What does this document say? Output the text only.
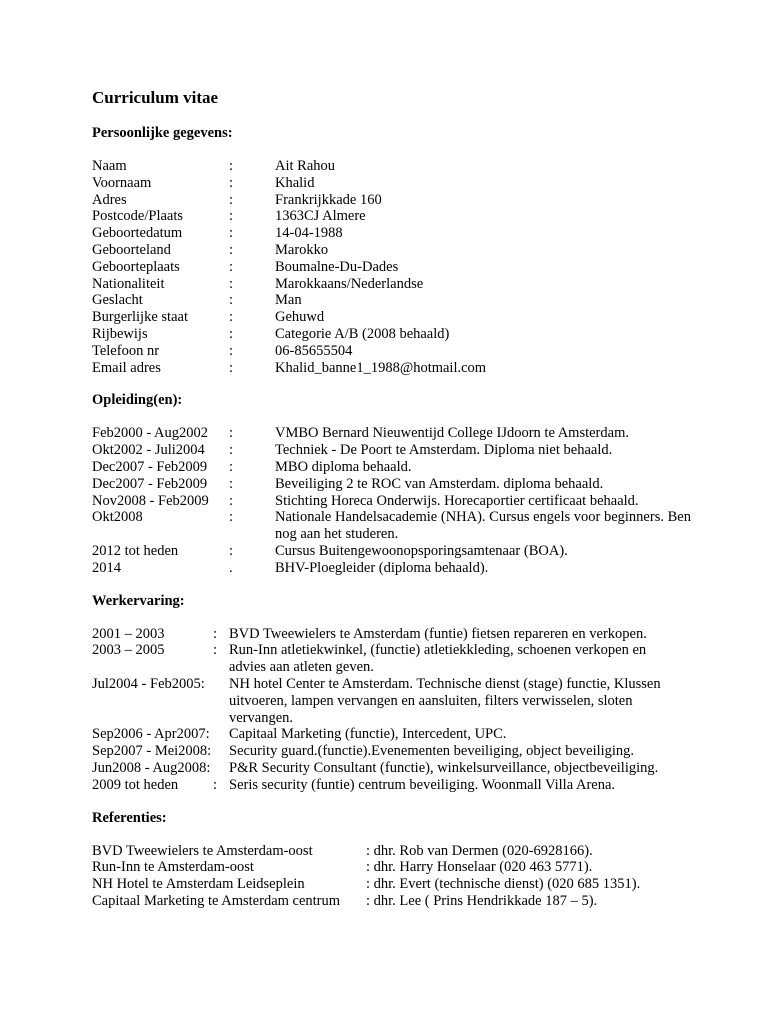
Curriculum vitae
Persoonlijke gegevens:
Naam	:	Ait Rahou
Voornaam	:	Khalid
Adres	:	Frankrijkkade 160
Postcode/Plaats	:	1363CJ Almere
Geboortedatum	:	14-04-1988
Geboorteland	:	Marokko
Geboorteplaats	:	Boumalne-Du-Dades
Nationaliteit	:	Marokkaans/Nederlandse
Geslacht	:	Man
Burgerlijke staat	:	Gehuwd
Rijbewijs	:	Categorie A/B (2008 behaald)
Telefoon nr	:	06-85655504
Email adres	:	Khalid_banne1_1988@hotmail.com
Opleiding(en):
Feb2000 - Aug2002	:	VMBO Bernard Nieuwentijd College IJdoorn te Amsterdam.
Okt2002 - Juli2004	:	Techniek - De Poort te Amsterdam. Diploma niet behaald.
Dec2007 - Feb2009	:	MBO diploma behaald.
Dec2007 - Feb2009	:	Beveiliging 2 te ROC van Amsterdam. diploma behaald.
Nov2008 - Feb2009	:	Stichting Horeca Onderwijs. Horecaportier certificaat behaald.
Okt2008	:	Nationale Handelsacademie (NHA). Cursus engels voor beginners. Ben nog aan het studeren.
2012 tot heden	:	Cursus Buitengewoonopsporingsamtenaar (BOA).
2014	.	BHV-Ploegleider (diploma behaald).
Werkervaring:
2001 – 2003	: BVD Tweewielers te Amsterdam (funtie) fietsen repareren en verkopen.
2003 – 2005	: Run-Inn atletiekwinkel, (functie) atletiekkleding, schoenen verkopen en advies aan atleten geven.
Jul2004 - Feb2005:	NH hotel Center te Amsterdam. Technische dienst (stage) functie, Klussen uitvoeren, lampen vervangen en aansluiten, filters verwisselen, sloten vervangen.
Sep2006 - Apr2007: Capitaal Marketing (functie), Intercedent, UPC.
Sep2007 - Mei2008: Security guard.(functie).Evenementen beveiliging, object beveiliging.
Jun2008 - Aug2008: P&R Security Consultant (functie), winkelsurveillance, objectbeveiliging.
2009 tot heden	: Seris security (funtie) centrum beveiliging. Woonmall Villa Arena.
Referenties:
BVD Tweewielers te Amsterdam-oost	: dhr. Rob van Dermen (020-6928166).
Run-Inn te Amsterdam-oost	: dhr. Harry Honselaar (020 463 5771).
NH Hotel te Amsterdam Leidseplein	: dhr. Evert (technische dienst) (020 685 1351).
Capitaal Marketing te Amsterdam centrum	: dhr. Lee ( Prins Hendrikkade 187 – 5).
